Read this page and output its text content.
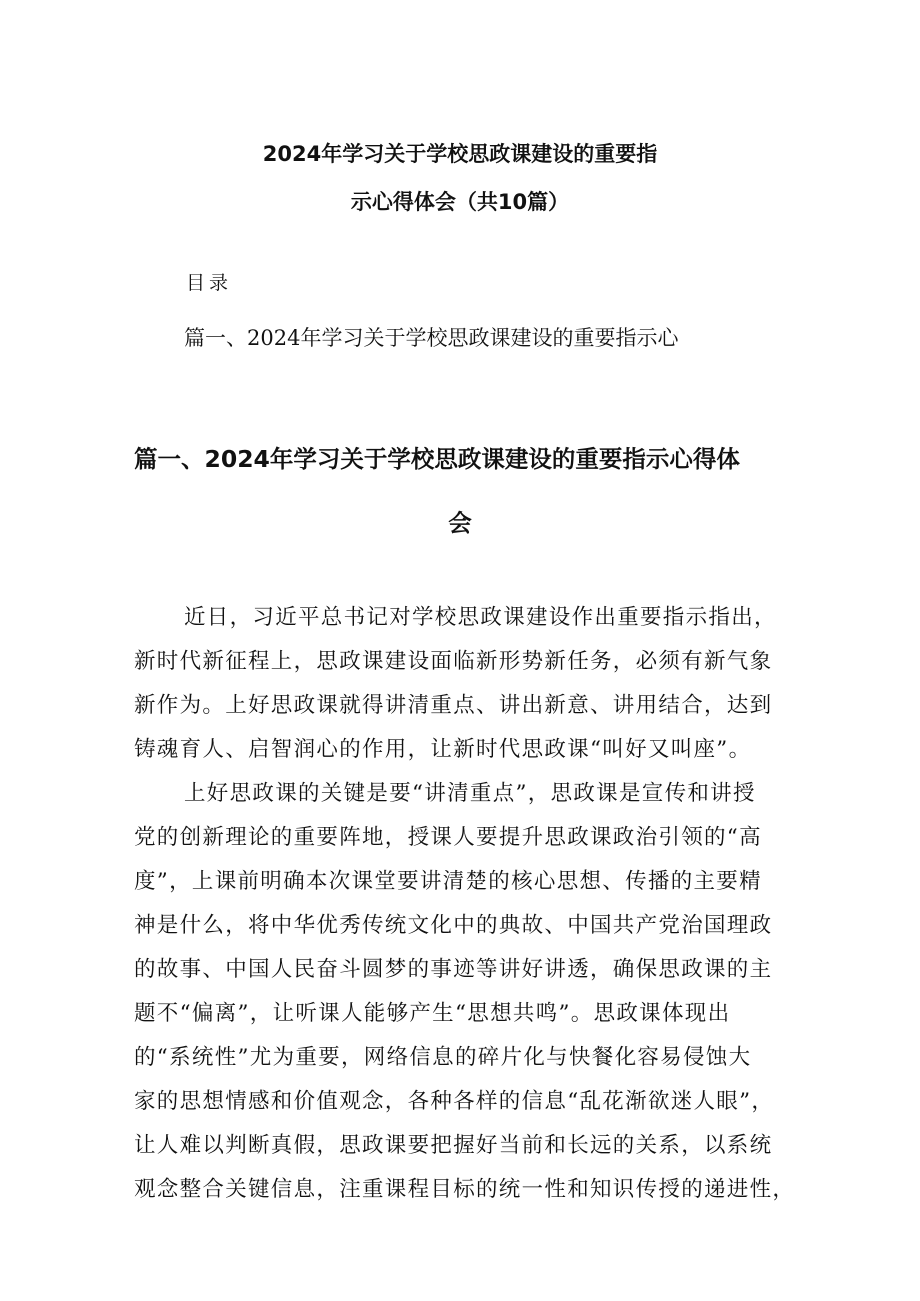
2024年学习关于学校思政课建设的重要指
示心得体会（共10篇）
目录
篇一、2024年学习关于学校思政课建设的重要指示心
篇一、2024年学习关于学校思政课建设的重要指示心得体
会
近日，习近平总书记对学校思政课建设作出重要指示指出，
新时代新征程上，思政课建设面临新形势新任务，必须有新气象
新作为。上好思政课就得讲清重点、讲出新意、讲用结合，达到
铸魂育人、启智润心的作用，让新时代思政课“叫好又叫座”。
上好思政课的关键是要“讲清重点”，思政课是宣传和讲授
党的创新理论的重要阵地，授课人要提升思政课政治引领的“高
度”，上课前明确本次课堂要讲清楚的核心思想、传播的主要精
神是什么，将中华优秀传统文化中的典故、中国共产党治国理政
的故事、中国人民奋斗圆梦的事迹等讲好讲透，确保思政课的主
题不“偏离”，让听课人能够产生“思想共鸣”。思政课体现出
的“系统性”尤为重要，网络信息的碎片化与快餐化容易侵蚀大
家的思想情感和价值观念，各种各样的信息“乱花渐欲迷人眼”，
让人难以判断真假，思政课要把握好当前和长远的关系，以系统
观念整合关键信息，注重课程目标的统一性和知识传授的递进性，
